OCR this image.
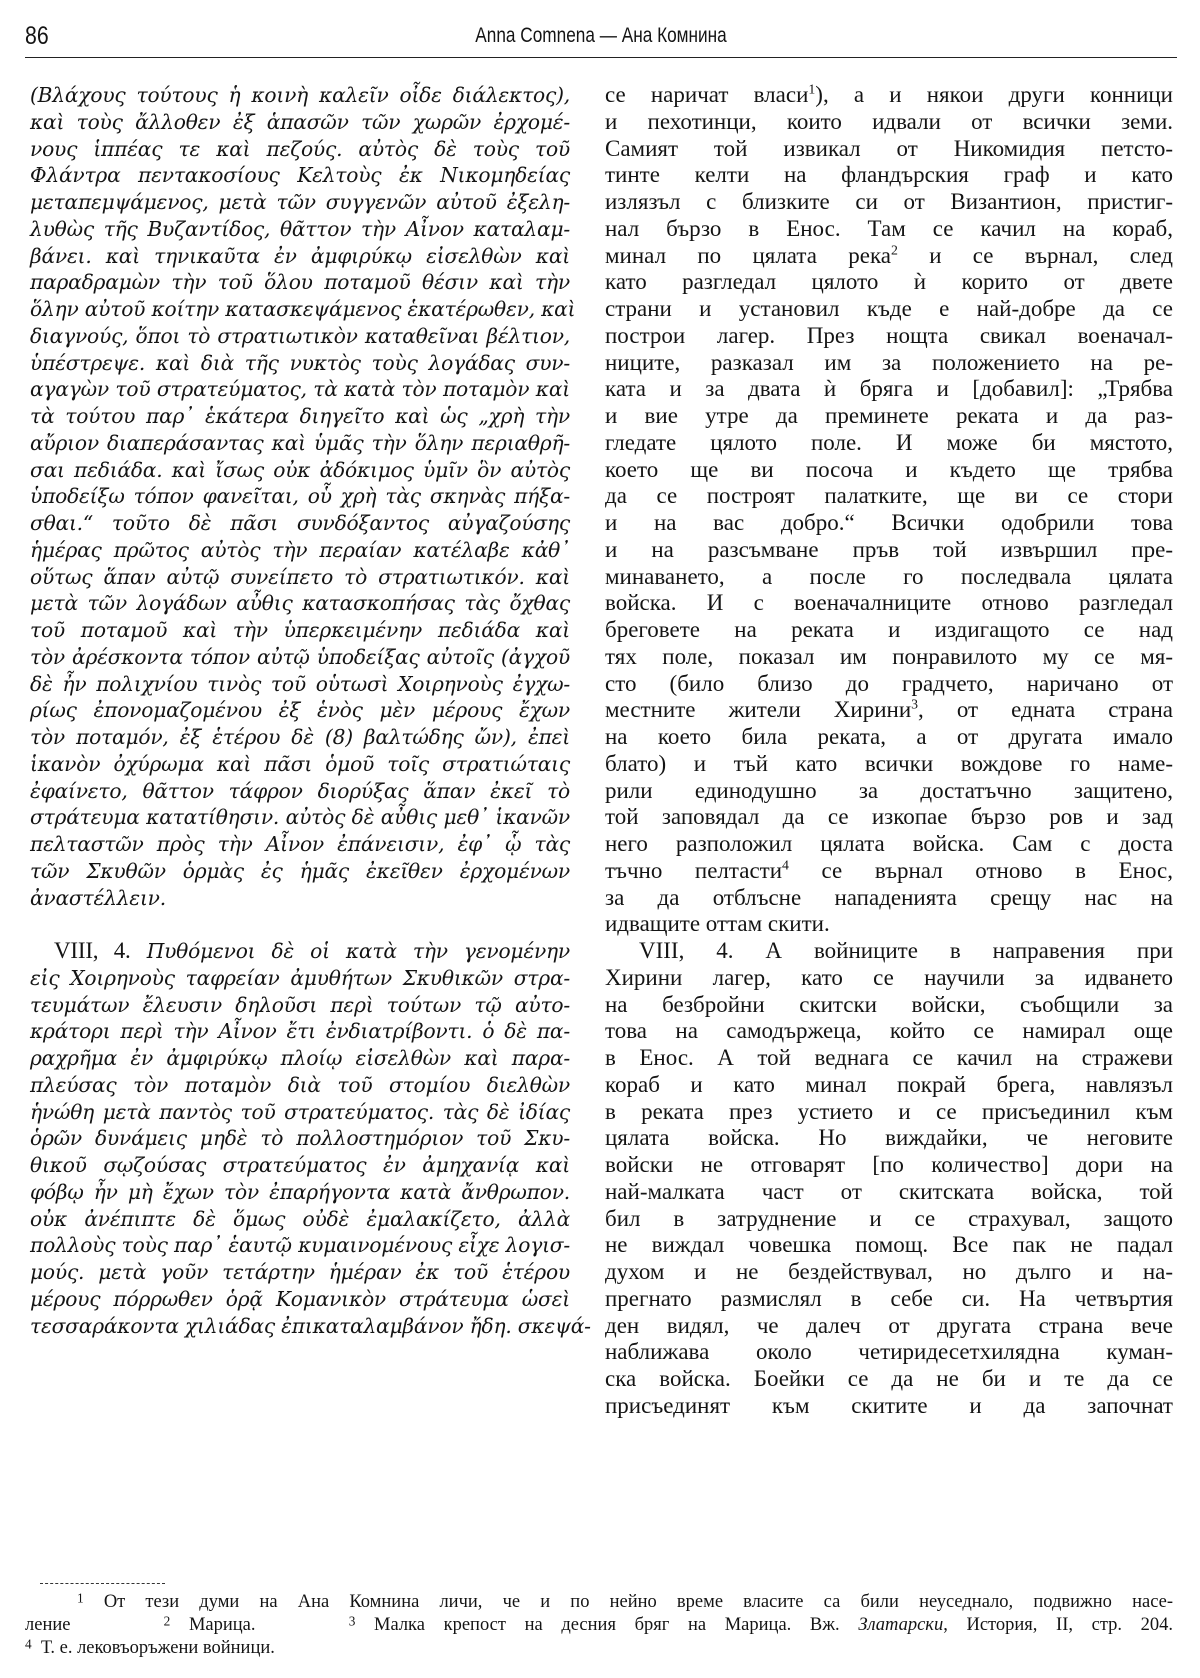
86	Anna Comnena — Ана Комнина
(Βλάχους τούτους ἡ κοινὴ καλεῖν οἶδε διάλεκτος),
καὶ τοὺς ἄλλοθεν ἐξ ἁπασῶν τῶν χωρῶν ἐρχομέ-
νους ἱππέας τε καὶ πεζούς. αὐτὸς δὲ τοὺς τοῦ
Φλάντρα πεντακοσίους Κελτοὺς ἐκ Νικομηδείας
μεταπεμψάμενος, μετὰ τῶν συγγενῶν αὐτοῦ ἐξελη-
λυθὼς τῆς Βυζαντίδος, θᾶττον τὴν Αἶνον καταλαμ-
βάνει. καὶ τηνικαῦτα ἐν ἀμφιρύκῳ εἰσελθὼν καὶ
παραδραμὼν τὴν τοῦ ὅλου ποταμοῦ θέσιν καὶ τὴν
ὅλην αὐτοῦ κοίτην κατασκεψάμενος ἑκατέρωθεν, καὶ
διαγνούς, ὅποι τὸ στρατιωτικὸν καταθεῖναι βέλτιον,
ὑπέστρεψε. καὶ διὰ τῆς νυκτὸς τοὺς λογάδας συν-
αγαγὼν τοῦ στρατεύματος, τὰ κατὰ τὸν ποταμὸν καὶ
τὰ τούτου παρ᾽ ἑκάτερα διηγεῖτο καὶ ὡς „χρὴ τὴν
αὔριον διαπεράσαντας καὶ ὑμᾶς τὴν ὅλην περιαθρῆ-
σαι πεδιάδα. καὶ ἴσως οὐκ ἀδόκιμος ὑμῖν ὃν αὐτὸς
ὑποδείξω τόπον φανεῖται, οὗ χρὴ τὰς σκηνὰς πήξα-
σθαι.“ τοῦτο δὲ πᾶσι συνδόξαντος αὐγαζούσης
ἡμέρας πρῶτος αὐτὸς τὴν περαίαν κατέλαβε κἀθ᾽
οὕτως ἅπαν αὐτῷ συνείπετο τὸ στρατιωτικόν. καὶ
μετὰ τῶν λογάδων αὖθις κατασκοπήσας τὰς ὄχθας
τοῦ ποταμοῦ καὶ τὴν ὑπερκειμένην πεδιάδα καὶ
τὸν ἀρέσκοντα τόπον αὐτῷ ὑποδείξας αὐτοῖς (ἀγχοῦ
δὲ ἦν πολιχνίου τινὸς τοῦ οὑτωσὶ Χοιρηνοὺς ἐγχω-
ρίως ἐπονομαζομένου ἐξ ἑνὸς μὲν μέρους ἔχων
τὸν ποταμόν, ἐξ ἑτέρου δὲ (8) βαλτώδης ὤν), ἐπεὶ
ἱκανὸν ὀχύρωμα καὶ πᾶσι ὁμοῦ τοῖς στρατιώταις
ἐφαίνετο, θᾶττον τάφρον διορύξας ἅπαν ἐκεῖ τὸ
στράτευμα κατατίθησιν. αὐτὸς δὲ αὖθις μεθ᾽ ἱκανῶν
πελταστῶν πρὸς τὴν Αἶνον ἐπάνεισιν, ἐφ᾽ ᾧ τὰς
τῶν Σκυθῶν ὁρμὰς ἐς ἡμᾶς ἐκεῖθεν ἐρχομένων
ἀναστέλλειν.
VIII, 4. Πυθόμενοι δὲ οἱ κατὰ τὴν γενομένην
εἰς Χοιρηνοὺς ταφρείαν ἀμυθήτων Σκυθικῶν στρα-
τευμάτων ἔλευσιν δηλοῦσι περὶ τούτων τῷ αὐτο-
κράτορι περὶ τὴν Αἶνον ἔτι ἐνδιατρίβοντι. ὁ δὲ πα-
ραχρῆμα ἐν ἀμφιρύκῳ πλοίῳ εἰσελθὼν καὶ παρα-
πλεύσας τὸν ποταμὸν διὰ τοῦ στομίου διελθὼν
ἡνώθη μετὰ παντὸς τοῦ στρατεύματος. τὰς δὲ ἰδίας
ὁρῶν δυνάμεις μηδὲ τὸ πολλοστημόριον τοῦ Σκυ-
θικοῦ σῳζούσας στρατεύματος ἐν ἀμηχανίᾳ καὶ
φόβῳ ἦν μὴ ἔχων τὸν ἐπαρήγοντα κατὰ ἄνθρωπον.
οὐκ ἀνέπιπτε δὲ ὅμως οὐδὲ ἐμαλακίζετο, ἀλλὰ
πολλοὺς τοὺς παρ᾽ ἑαυτῷ κυμαινομένους εἶχε λογισ-
μούς. μετὰ γοῦν τετάρτην ἡμέραν ἐκ τοῦ ἑτέρου
μέρους πόρρωθεν ὁρᾷ Κομανικὸν στράτευμα ὡσεὶ
τεσσαράκοντα χιλιάδας ἐπικαταλαμβάνον ἤδη. σκεψά-
се наричат власи$^1$), а и някои други конници
и пехотинци, които идвали от всички земи.
Самият той извикал от Никомидия петсто-
тинте келти на фландърския граф и като
излязъл с близките си от Византион, пристиг-
нал бързо в Енос. Там се качил на кораб,
минал по цялата река$^2$ и се върнал, след
като разгледал цялото ѝ корито от двете
страни и установил къде е най-добре да се
построи лагер. През нощта свикал военачал-
ниците, разказал им за положението на ре-
ката и за двата ѝ бряга и [добавил]: „Трябва
и вие утре да преминете реката и да раз-
гледате цялото поле. И може би мястото,
което ще ви посоча и където ще трябва
да се построят палатките, ще ви се стори
и на вас добро.“ Всички одобрили това
и на разсъмване пръв той извършил пре-
минаването, а после го последвала цялата
войска. И с военачалниците отново разгледал
бреговете на реката и издигащото се над
тях поле, показал им понравилото му се мя-
сто (било близо до градчето, наричано от
местните жители Хирини$^3$, от едната страна
на което била реката, а от другата имало
блато) и тъй като всички вождове го наме-
рили единодушно за достатъчно защитено,
той заповядал да се изкопае бързо ров и зад
него разположил цялата войска. Сам с доста
тъчно пелтасти$^4$ се върнал отново в Енос,
за да отблъсне нападенията срещу нас на
идващите оттам скити.
VIII, 4. А войниците в направения при
Хирини лагер, като се научили за идването
на безбройни скитски войски, съобщили за
това на самодържеца, който се намирал още
в Енос. А той веднага се качил на стражеви
кораб и като минал покрай брега, навлязъл
в реката през устието и се присъединил към
цялата войска. Но виждайки, че неговите
войски не отговарят [по количество] дори на
най-малката част от скитската войска, той
бил в затруднение и се страхувал, защото
не виждал човешка помощ. Все пак не падал
духом и не бездействувал, но дълго и на-
прегнато размислял в себе си. На четвъртия
ден видял, че далеч от другата страна вече
наближава около четиридесетхилядна куман-
ска войска. Боейки се да не би и те да се
присъединят към скитите и да започнат
$^1$ От тези думи на Ана Комнина личи, че и по нейно време власите са били неуседнало, подвижно насе-
ление	$^2$ Марица.	$^3$ Малка крепост на десния бряг на Марица. Вж. Златарски, История, II, стр. 204.
$^4$ Т. е. лековъоръжени войници.
